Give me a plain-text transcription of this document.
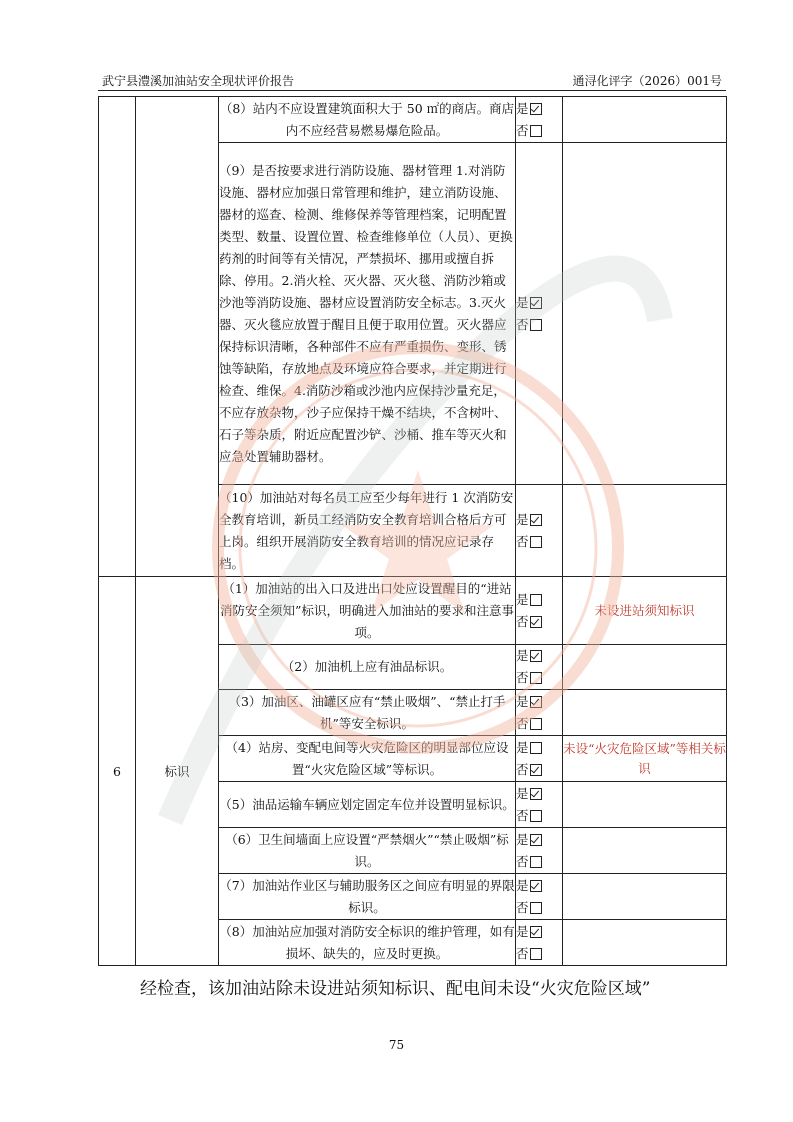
武宁县澧溪加油站安全现状评价报告	通浔化评字（2026）001号
		（8）站内不应设置建筑面积大于 50 ㎡的商店。商店内不应经营易燃易爆危险品。	是
否	

		（9）是否按要求进行消防设施、器材管理 1.对消防设施、器材应加强日常管理和维护，建立消防设施、器材的巡查、检测、维修保养等管理档案，记明配置类型、数量、设置位置、检查维修单位（人员）、更换药剂的时间等有关情况，严禁损坏、挪用或擅自拆除、停用。2.消火栓、灭火器、灭火毯、消防沙箱或沙池等消防设施、器材应设置消防安全标志。3.灭火器、灭火毯应放置于醒目且便于取用位置。灭火器应保持标识清晰，各种部件不应有严重损伤、变形、锈蚀等缺陷，存放地点及环境应符合要求，并定期进行检查、维保。4.消防沙箱或沙池内应保持沙量充足，不应存放杂物，沙子应保持干燥不结块，不含树叶、石子等杂质，附近应配置沙铲、沙桶、推车等灭火和应急处置辅助器材。	是
否	

		（10）加油站对每名员工应至少每年进行 1 次消防安全教育培训，新员工经消防安全教育培训合格后方可上岗。组织开展消防安全教育培训的情况应记录存档。	是
否	

6	标识	（1）加油站的出入口及进出口处应设置醒目的“进站消防安全须知”标识，明确进入加油站的要求和注意事项。	是
否	未设进站须知标识
		（2）加油机上应有油品标识。	是
否	

		（3）加油区、油罐区应有“禁止吸烟”、“禁止打手机”等安全标识。	是
否	

		（4）站房、变配电间等火灾危险区的明显部位应设置“火灾危险区域”等标识。	是
否	未设“火灾危险区域”等相关标识
		（5）油品运输车辆应划定固定车位并设置明显标识。	是
否	

		（6）卫生间墙面上应设置“严禁烟火”“禁止吸烟”标识。	是
否	

		（7）加油站作业区与辅助服务区之间应有明显的界限标识。	是
否	

		（8）加油站应加强对消防安全标识的维护管理，如有损坏、缺失的，应及时更换。	是
否	

经检查，该加油站除未设进站须知标识、配电间未设“火灾危险区域”
75
